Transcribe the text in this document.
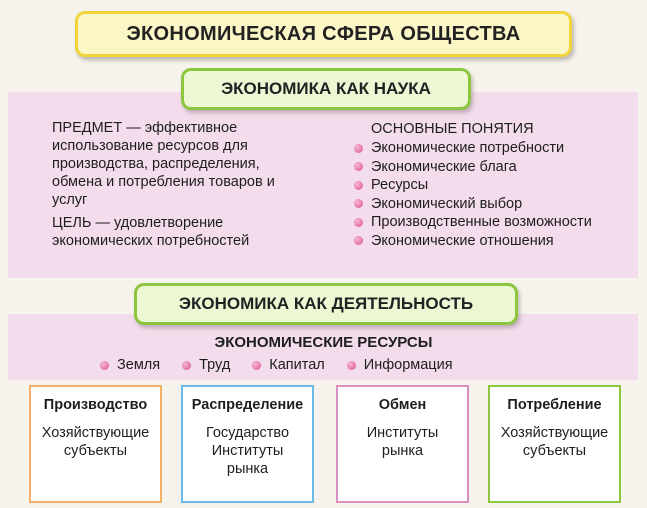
ЭКОНОМИЧЕСКАЯ СФЕРА ОБЩЕСТВА
ЭКОНОМИКА КАК НАУКА
ПРЕДМЕТ — эффективное использование ресурсов для производства, распределения, обмена и потребления товаров и услуг
ЦЕЛЬ — удовлетворение экономических потребностей
ОСНОВНЫЕ ПОНЯТИЯ
Экономические потребности
Экономические блага
Ресурсы
Экономический выбор
Производственные возможности
Экономические отношения
ЭКОНОМИКА КАК ДЕЯТЕЛЬНОСТЬ
ЭКОНОМИЧЕСКИЕ РЕСУРСЫ
Земля	Труд	Капитал	Информация
Производство
Хозяйствующие
субъекты
Распределение
Государство
Институты
рынка
Обмен
Институты
рынка
Потребление
Хозяйствующие
субъекты
